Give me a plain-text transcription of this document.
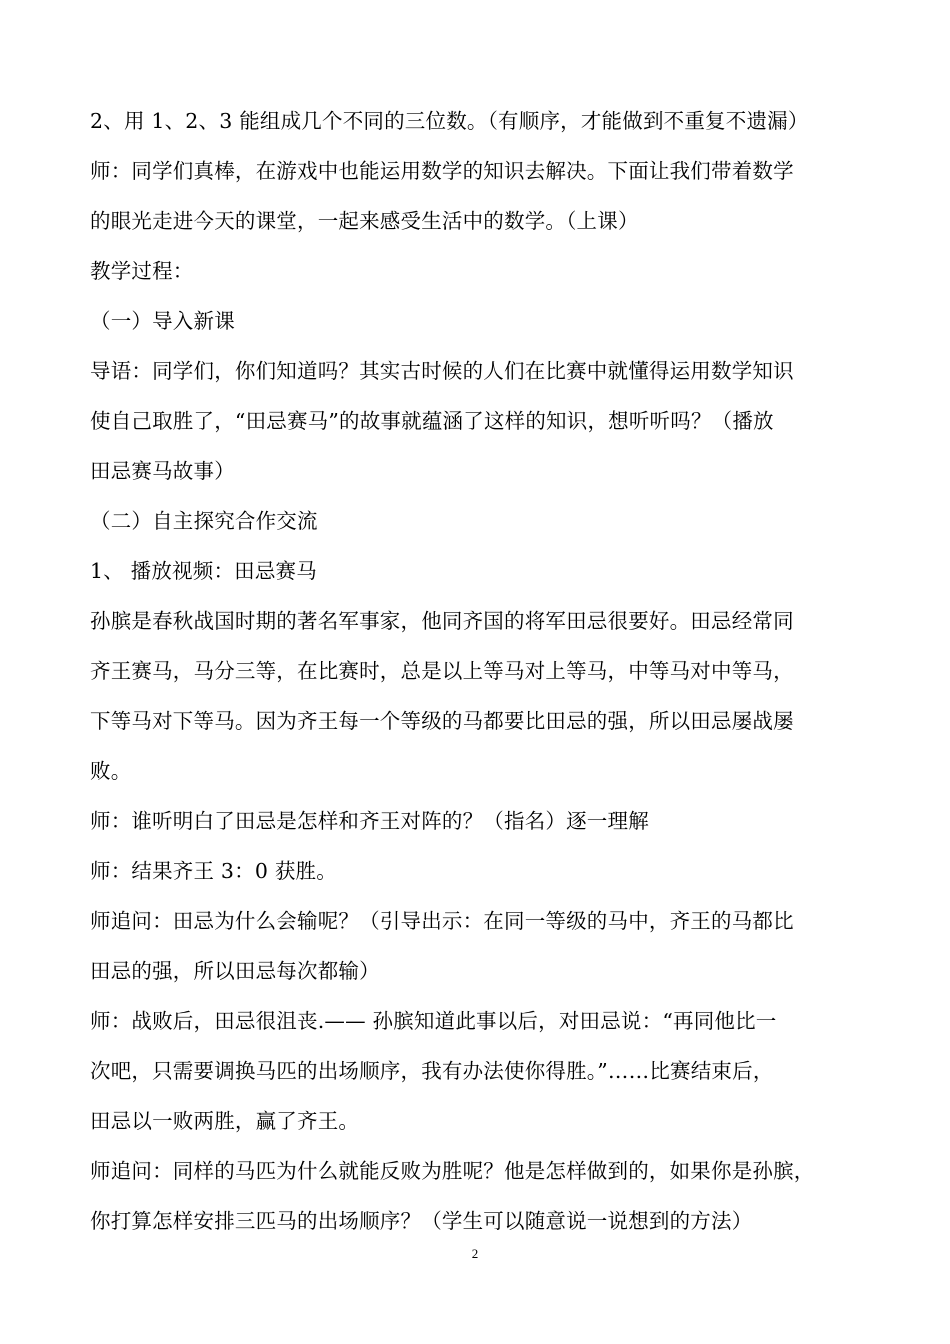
2、用 1、2、3 能组成几个不同的三位数。（有顺序，才能做到不重复不遗漏）
师：同学们真棒，在游戏中也能运用数学的知识去解决。下面让我们带着数学
的眼光走进今天的课堂，一起来感受生活中的数学。（上课）
教学过程：
（一）导入新课
导语：同学们，你们知道吗？其实古时候的人们在比赛中就懂得运用数学知识
使自己取胜了，“田忌赛马”的故事就蕴涵了这样的知识，想听听吗？（播放
田忌赛马故事）
（二）自主探究合作交流
1、 播放视频：田忌赛马
孙膑是春秋战国时期的著名军事家，他同齐国的将军田忌很要好。田忌经常同
齐王赛马，马分三等，在比赛时，总是以上等马对上等马，中等马对中等马，
下等马对下等马。因为齐王每一个等级的马都要比田忌的强，所以田忌屡战屡
败。
师：谁听明白了田忌是怎样和齐王对阵的？（指名）逐一理解
师：结果齐王 3：0 获胜。
师追问：田忌为什么会输呢？（引导出示：在同一等级的马中，齐王的马都比
田忌的强，所以田忌每次都输）
师：战败后，田忌很沮丧.—— 孙膑知道此事以后，对田忌说：“再同他比一
次吧，只需要调换马匹的出场顺序，我有办法使你得胜。”……比赛结束后，
田忌以一败两胜，赢了齐王。
师追问：同样的马匹为什么就能反败为胜呢？他是怎样做到的，如果你是孙膑，
你打算怎样安排三匹马的出场顺序？（学生可以随意说一说想到的方法）
2
